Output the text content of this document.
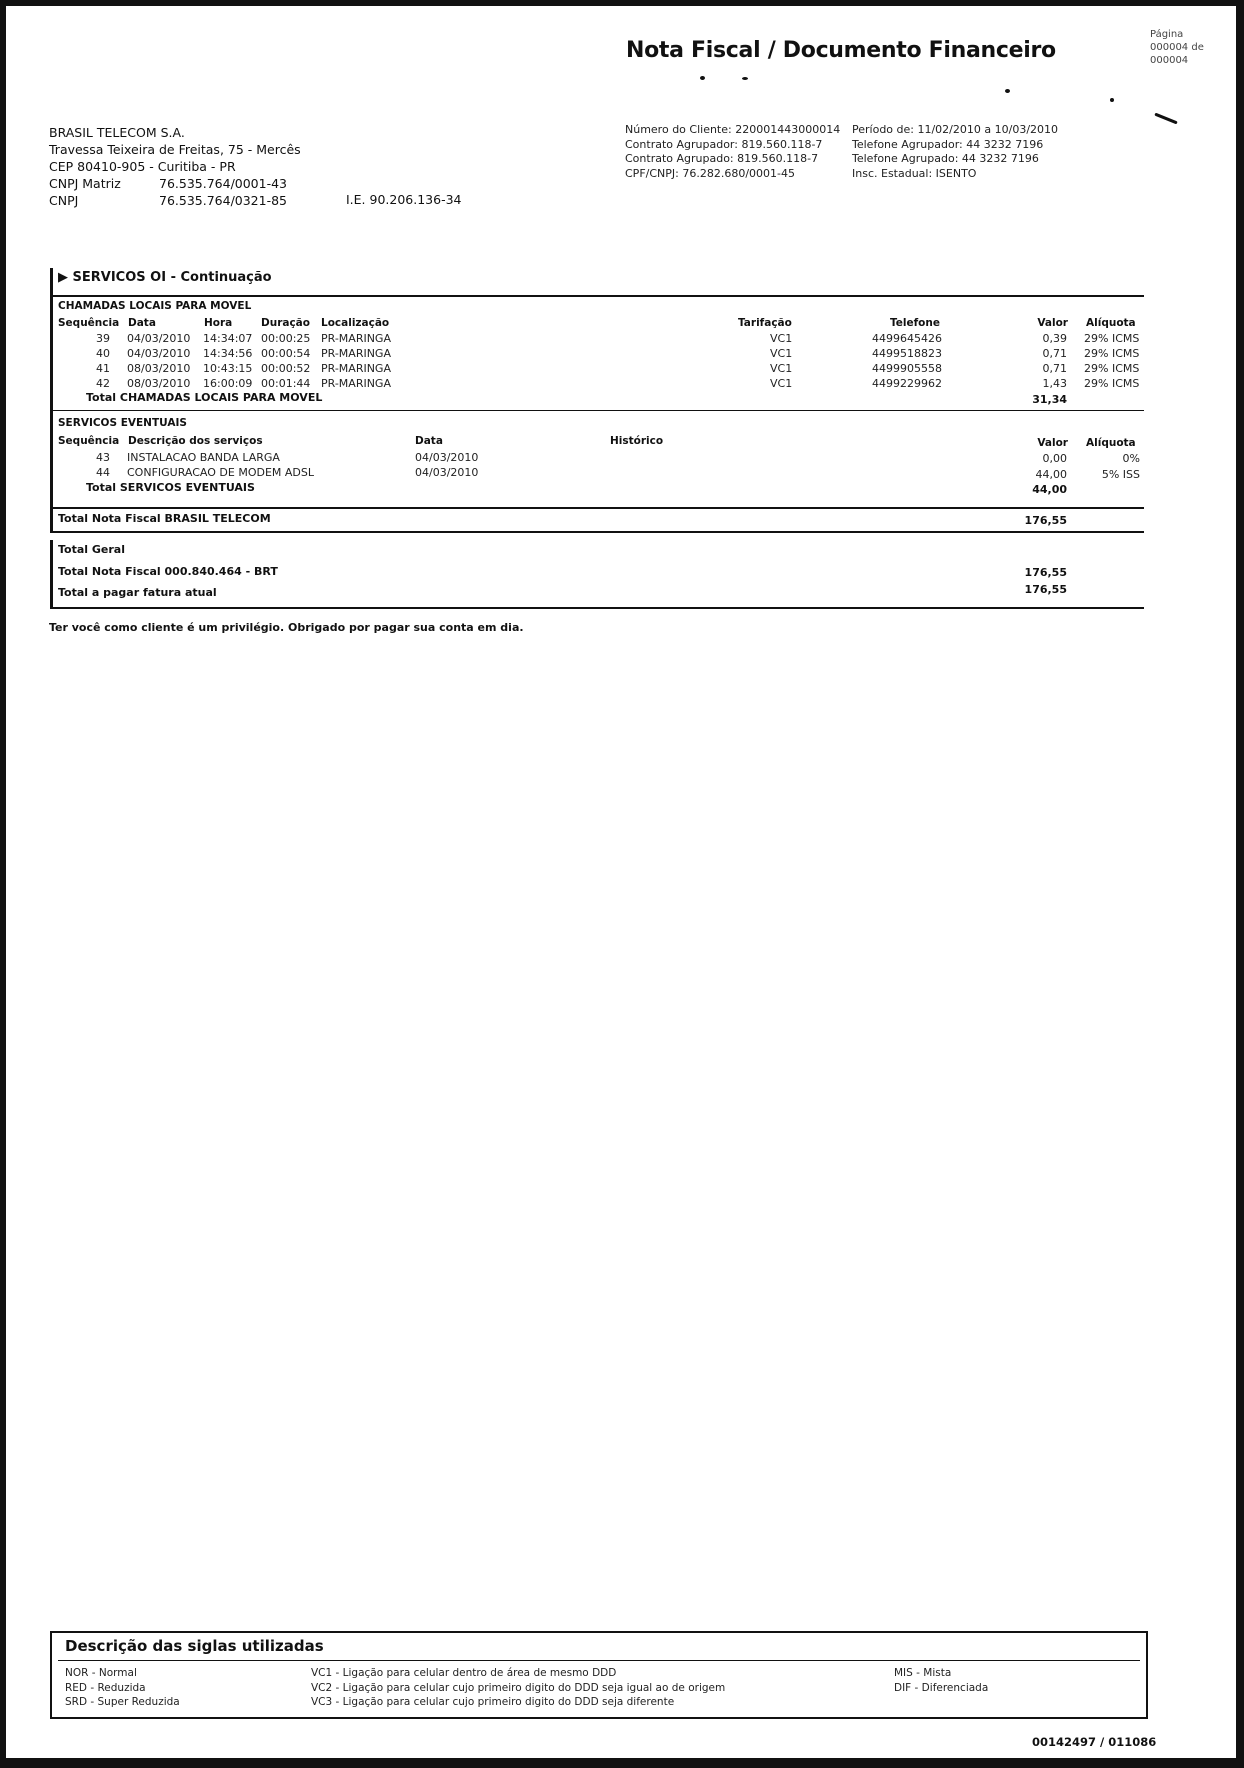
Nota Fiscal / Documento Financeiro
Página
000004 de
000004
BRASIL TELECOM S.A.
Travessa Teixeira de Freitas, 75 - Mercês
CEP 80410-905 - Curitiba - PR
CNPJ Matriz	76.535.764/0001-43
CNPJ	76.535.764/0321-85	I.E. 90.206.136-34
Número do Cliente: 220001443000014
Contrato Agrupador: 819.560.118-7
Contrato Agrupado: 819.560.118-7
CPF/CNPJ: 76.282.680/0001-45
Período de: 11/02/2010 a 10/03/2010
Telefone Agrupador: 44 3232 7196
Telefone Agrupado: 44 3232 7196
Insc. Estadual: ISENTO
▶ SERVICOS OI - Continuação
CHAMADAS LOCAIS PARA MOVEL
Sequência Data	Hora	Duração Localização	Tarifação	Telefone	Valor Alíquota
39 04/03/2010 14:34:07 00:00:25 PR-MARINGA	VC1	4499645426	0,39 29% ICMS
40 04/03/2010 14:34:56 00:00:54 PR-MARINGA	VC1	4499518823	0,71 29% ICMS
41 08/03/2010 10:43:15 00:00:52 PR-MARINGA	VC1	4499905558	0,71 29% ICMS
42 08/03/2010 16:00:09 00:01:44 PR-MARINGA	VC1	4499229962	1,43 29% ICMS
Total CHAMADAS LOCAIS PARA MOVEL	31,34
SERVICOS EVENTUAIS
Sequência Descrição dos serviços	Data	Histórico	Valor Alíquota
43 INSTALACAO BANDA LARGA	04/03/2010	0,00	0%
44 CONFIGURACAO DE MODEM ADSL	04/03/2010	44,00	5% ISS
Total SERVICOS EVENTUAIS	44,00
Total Nota Fiscal BRASIL TELECOM	176,55
Total Geral
Total Nota Fiscal 000.840.464 - BRT	176,55
Total a pagar fatura atual	176,55
Ter você como cliente é um privilégio. Obrigado por pagar sua conta em dia.
Descrição das siglas utilizadas
NOR - Normal
RED - Reduzida
SRD - Super Reduzida
VC1 - Ligação para celular dentro de área de mesmo DDD
VC2 - Ligação para celular cujo primeiro digito do DDD seja igual ao de origem
VC3 - Ligação para celular cujo primeiro digito do DDD seja diferente
MIS - Mista
DIF - Diferenciada
00142497 / 011086
